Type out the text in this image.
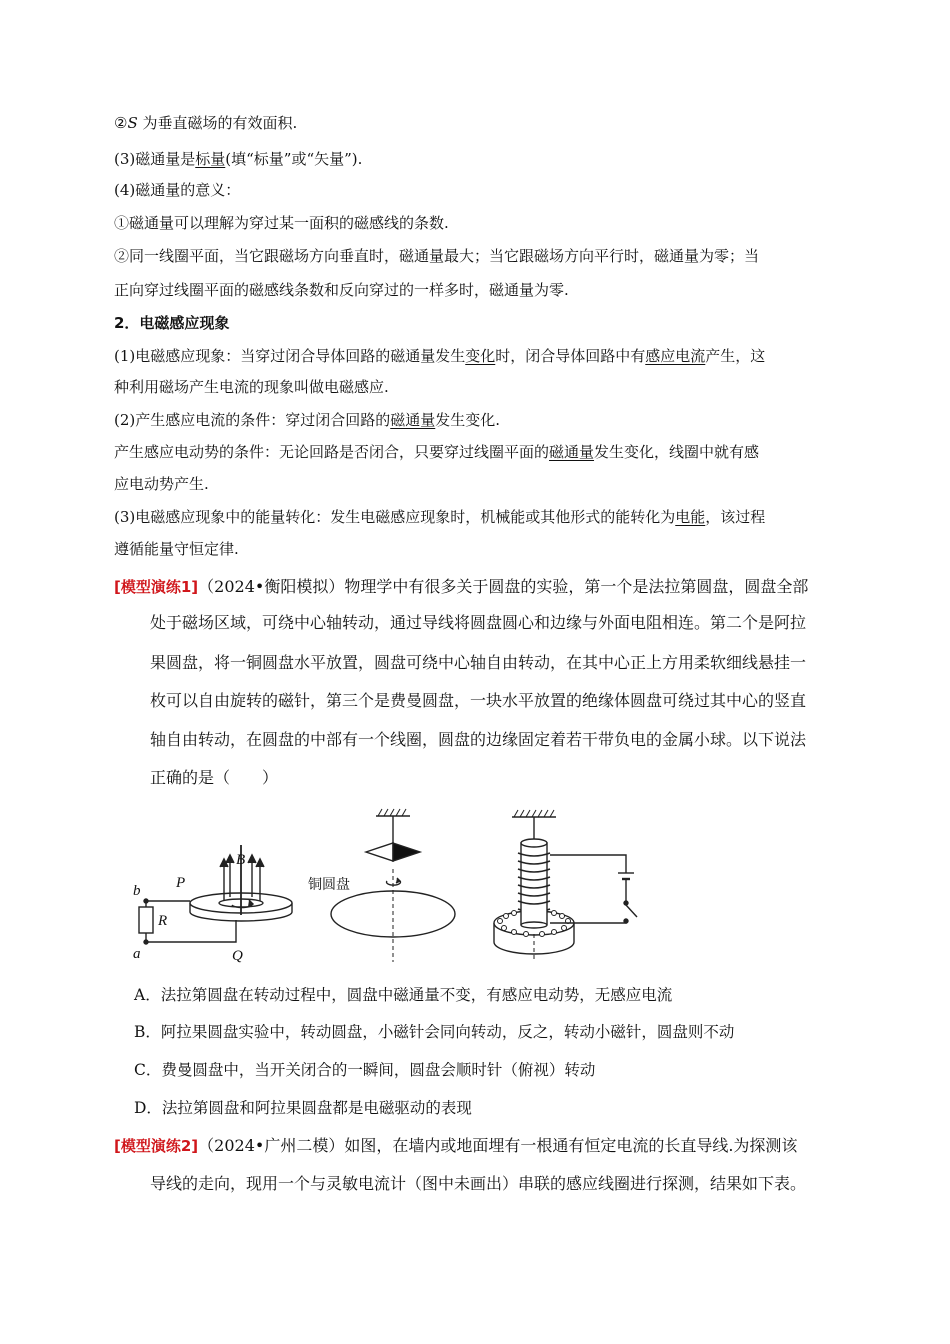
②S 为垂直磁场的有效面积.
(3)磁通量是标量(填“标量”或“矢量”).
(4)磁通量的意义：
①磁通量可以理解为穿过某一面积的磁感线的条数.
②同一线圈平面，当它跟磁场方向垂直时，磁通量最大；当它跟磁场方向平行时，磁通量为零；当
正向穿过线圈平面的磁感线条数和反向穿过的一样多时，磁通量为零.
2．电磁感应现象
(1)电磁感应现象：当穿过闭合导体回路的磁通量发生变化时，闭合导体回路中有感应电流产生，这
种利用磁场产生电流的现象叫做电磁感应.
(2)产生感应电流的条件：穿过闭合回路的磁通量发生变化.
产生感应电动势的条件：无论回路是否闭合，只要穿过线圈平面的磁通量发生变化，线圈中就有感
应电动势产生.
(3)电磁感应现象中的能量转化：发生电磁感应现象时，机械能或其他形式的能转化为电能，该过程
遵循能量守恒定律.
[模型演练1]（2024•衡阳模拟）物理学中有很多关于圆盘的实验，第一个是法拉第圆盘，圆盘全部
处于磁场区域，可绕中心轴转动，通过导线将圆盘圆心和边缘与外面电阻相连。第二个是阿拉
果圆盘，将一铜圆盘水平放置，圆盘可绕中心轴自由转动，在其中心正上方用柔软细线悬挂一
枚可以自由旋转的磁针，第三个是费曼圆盘，一块水平放置的绝缘体圆盘可绕过其中心的竖直
轴自由转动，在圆盘的中部有一个线圈，圆盘的边缘固定着若干带负电的金属小球。以下说法
正确的是（　　）
b
a
R
P
Q
B
铜圆盘
A．法拉第圆盘在转动过程中，圆盘中磁通量不变，有感应电动势，无感应电流
B．阿拉果圆盘实验中，转动圆盘，小磁针会同向转动，反之，转动小磁针，圆盘则不动
C．费曼圆盘中，当开关闭合的一瞬间，圆盘会顺时针（俯视）转动
D．法拉第圆盘和阿拉果圆盘都是电磁驱动的表现
[模型演练2]（2024•广州二模）如图，在墙内或地面埋有一根通有恒定电流的长直导线.为探测该
导线的走向，现用一个与灵敏电流计（图中未画出）串联的感应线圈进行探测，结果如下表。
